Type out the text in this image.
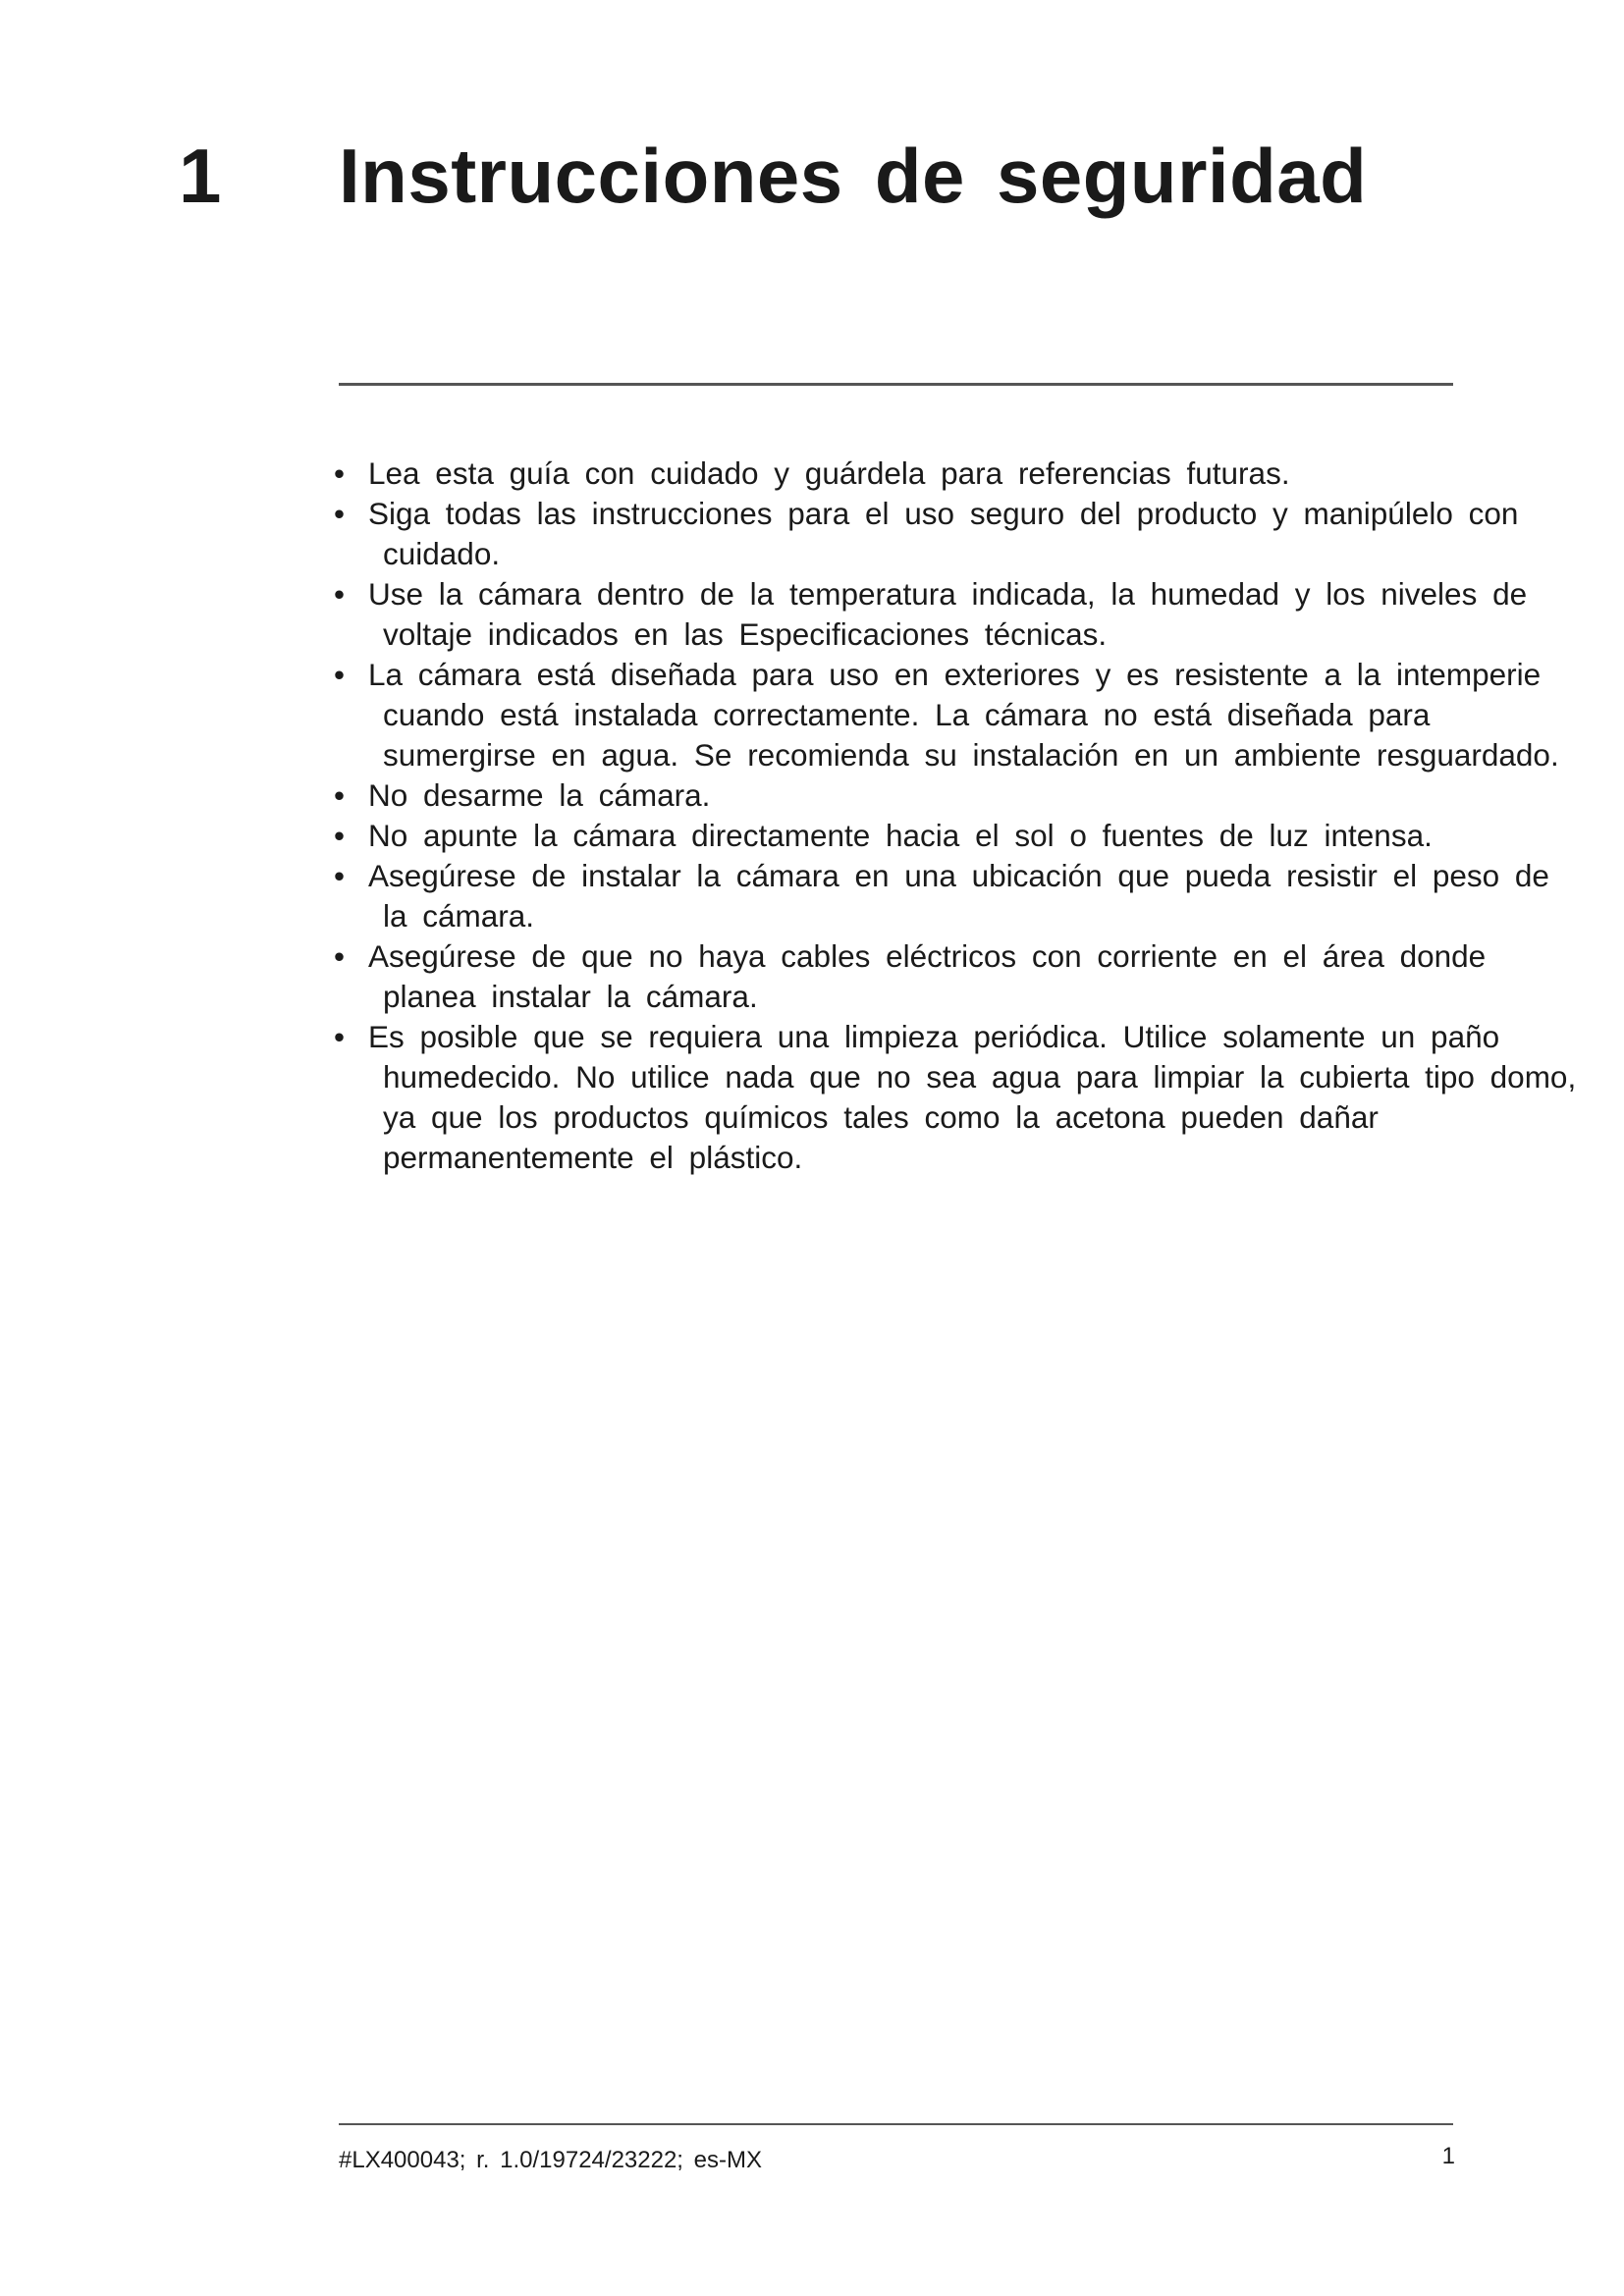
1 Instrucciones de seguridad
• Lea esta guía con cuidado y guárdela para referencias futuras.
• Siga todas las instrucciones para el uso seguro del producto y manipúlelo con cuidado.
• Use la cámara dentro de la temperatura indicada, la humedad y los niveles de voltaje indicados en las Especificaciones técnicas.
• La cámara está diseñada para uso en exteriores y es resistente a la intemperie cuando está instalada correctamente. La cámara no está diseñada para sumergirse en agua. Se recomienda su instalación en un ambiente resguardado.
• No desarme la cámara.
• No apunte la cámara directamente hacia el sol o fuentes de luz intensa.
• Asegúrese de instalar la cámara en una ubicación que pueda resistir el peso de la cámara.
• Asegúrese de que no haya cables eléctricos con corriente en el área donde planea instalar la cámara.
• Es posible que se requiera una limpieza periódica. Utilice solamente un paño humedecido. No utilice nada que no sea agua para limpiar la cubierta tipo domo, ya que los productos químicos tales como la acetona pueden dañar permanentemente el plástico.
#LX400043; r. 1.0/19724/23222; es-MX	1
